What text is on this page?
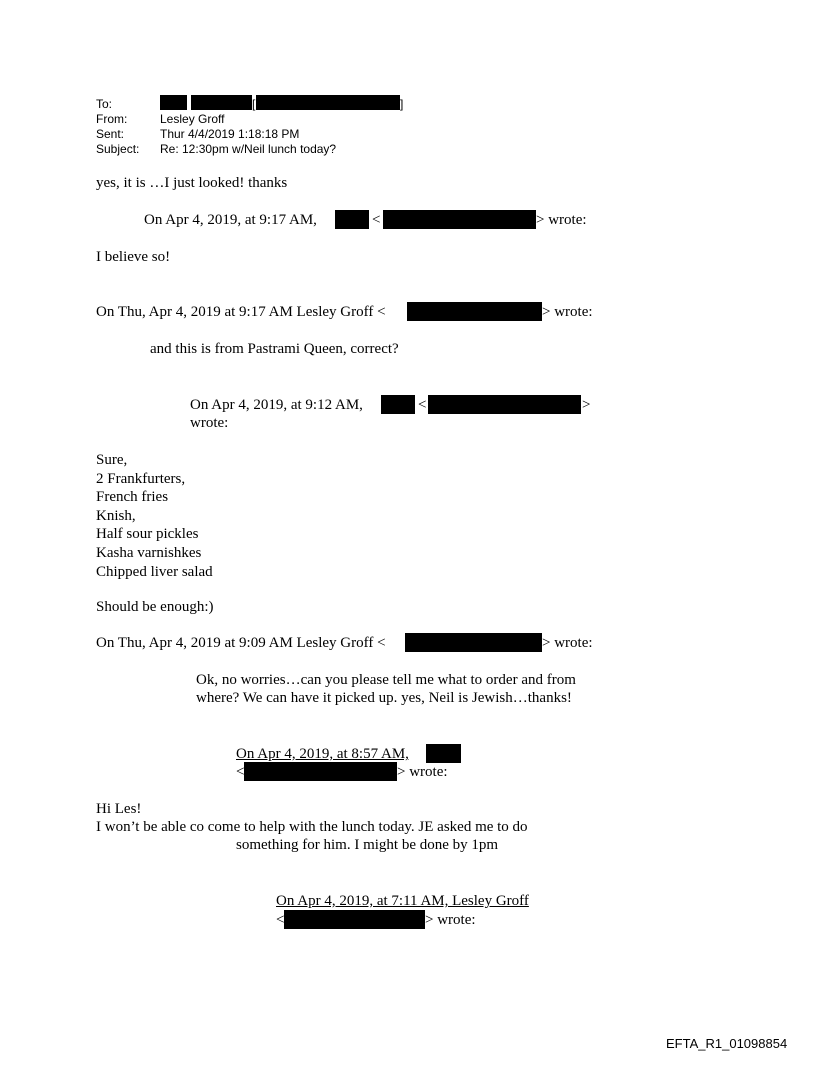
To:	[	]
From:	Lesley Groff
Sent:	Thur 4/4/2019 1:18:18 PM
Subject: Re: 12:30pm w/Neil lunch today?
yes, it is …I just looked! thanks
On Apr 4, 2019, at 9:17 AM,	<	> wrote:
I believe so!
On Thu, Apr 4, 2019 at 9:17 AM Lesley Groff <	> wrote:
and this is from Pastrami Queen, correct?
On Apr 4, 2019, at 9:12 AM,	<	>
wrote:
Sure,
2 Frankfurters,
French fries
Knish,
Half sour pickles
Kasha varnishkes
Chipped liver salad
Should be enough:)
On Thu, Apr 4, 2019 at 9:09 AM Lesley Groff <	> wrote:
Ok, no worries…can you please tell me what to order and from
where? We can have it picked up. yes, Neil is Jewish…thanks!
On Apr 4, 2019, at 8:57 AM,
<	> wrote:
Hi Les!
I won’t be able co come to help with the lunch today. JE asked me to do
something for him. I might be done by 1pm
On Apr 4, 2019, at 7:11 AM, Lesley Groff
<	> wrote:
EFTA_R1_01098854
